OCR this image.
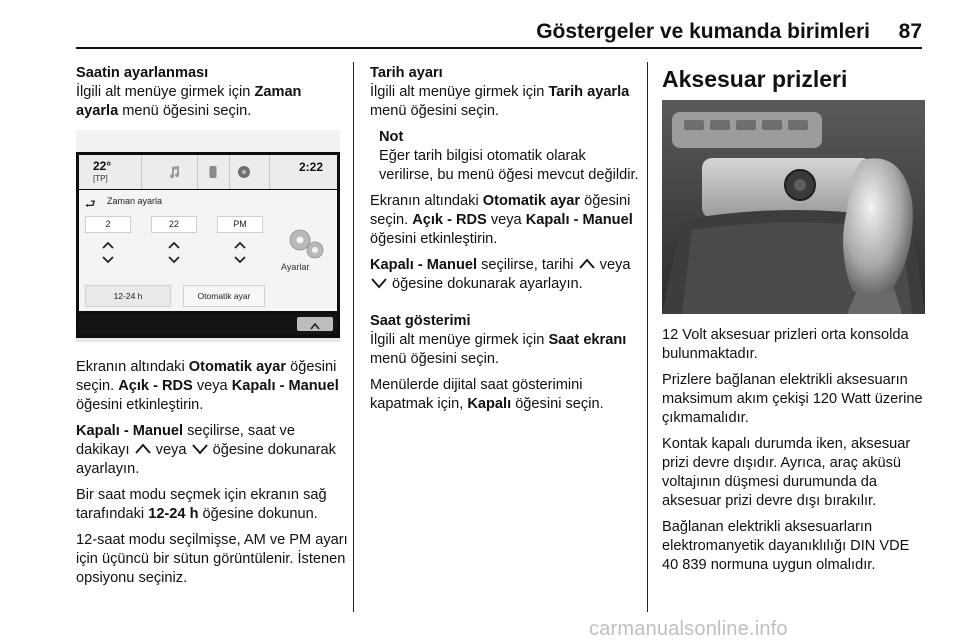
Göstergeler ve kumanda birimleri 87

Saatin ayarlanması
İlgili alt menüye girmek için Zaman ayarla menü öğesini seçin.

22°
[TP]
2:22
⮐ Zaman ayarla
2	22	PM
12-24 h	Otomatik ayar
Ayarlar

Ekranın altındaki Otomatik ayar öğesini seçin. Açık - RDS veya Kapalı - Manuel öğesini etkinleştirin.

Kapalı - Manuel seçilirse, saat ve dakikayı  veya  öğesine dokunarak ayarlayın.

Bir saat modu seçmek için ekranın sağ tarafındaki 12-24 h öğesine dokunun.

12-saat modu seçilmişse, AM ve PM ayarı için üçüncü bir sütun görüntülenir. İstenen opsiyonu seçiniz.

Tarih ayarı
İlgili alt menüye girmek için Tarih ayarla menü öğesini seçin.

Not
Eğer tarih bilgisi otomatik olarak verilirse, bu menü öğesi mevcut değildir.

Ekranın altındaki Otomatik ayar öğesini seçin. Açık - RDS veya Kapalı - Manuel öğesini etkinleştirin.

Kapalı - Manuel seçilirse, tarihi  veya  öğesine dokunarak ayarlayın.

Saat gösterimi
İlgili alt menüye girmek için Saat ekranı menü öğesini seçin.

Menülerde dijital saat gösterimini kapatmak için, Kapalı öğesini seçin.

Aksesuar prizleri

12 Volt aksesuar prizleri orta konsolda bulunmaktadır.

Prizlere bağlanan elektrikli aksesuarın maksimum akım çekişi 120 Watt üzerine çıkmamalıdır.

Kontak kapalı durumda iken, aksesuar prizi devre dışıdır. Ayrıca, araç aküsü voltajının düşmesi durumunda da aksesuar prizi devre dışı bırakılır.

Bağlanan elektrikli aksesuarların elektromanyetik dayanıklılığı DIN VDE 40 839 normuna uygun olmalıdır.

carmanualsonline.info
